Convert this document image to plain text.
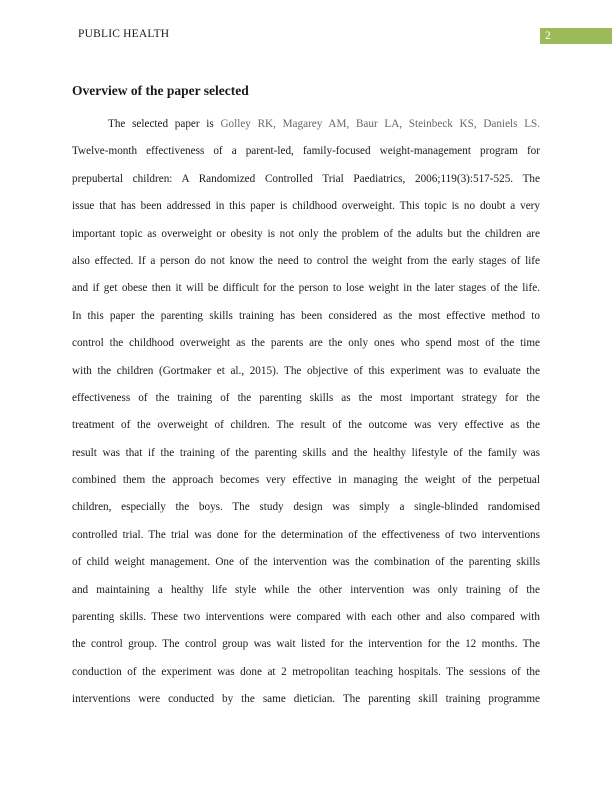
PUBLIC HEALTH	2
Overview of the paper selected
The selected paper is Golley RK, Magarey AM, Baur LA, Steinbeck KS, Daniels LS.
Twelve-month effectiveness of a parent-led, family-focused weight-management program for
prepubertal children: A Randomized Controlled Trial Paediatrics, 2006;119(3):517-525. The
issue that has been addressed in this paper is childhood overweight. This topic is no doubt a very
important topic as overweight or obesity is not only the problem of the adults but the children are
also effected. If a person do not know the need to control the weight from the early stages of life
and if get obese then it will be difficult for the person to lose weight in the later stages of the life.
In this paper the parenting skills training has been considered as the most effective method to
control the childhood overweight as the parents are the only ones who spend most of the time
with the children (Gortmaker et al., 2015). The objective of this experiment was to evaluate the
effectiveness of the training of the parenting skills as the most important strategy for the
treatment of the overweight of children. The result of the outcome was very effective as the
result was that if the training of the parenting skills and the healthy lifestyle of the family was
combined them the approach becomes very effective in managing the weight of the perpetual
children, especially the boys. The study design was simply a single-blinded randomised
controlled trial. The trial was done for the determination of the effectiveness of two interventions
of child weight management. One of the intervention was the combination of the parenting skills
and maintaining a healthy life style while the other intervention was only training of the
parenting skills. These two interventions were compared with each other and also compared with
the control group. The control group was wait listed for the intervention for the 12 months. The
conduction of the experiment was done at 2 metropolitan teaching hospitals. The sessions of the
interventions were conducted by the same dietician. The parenting skill training programme
